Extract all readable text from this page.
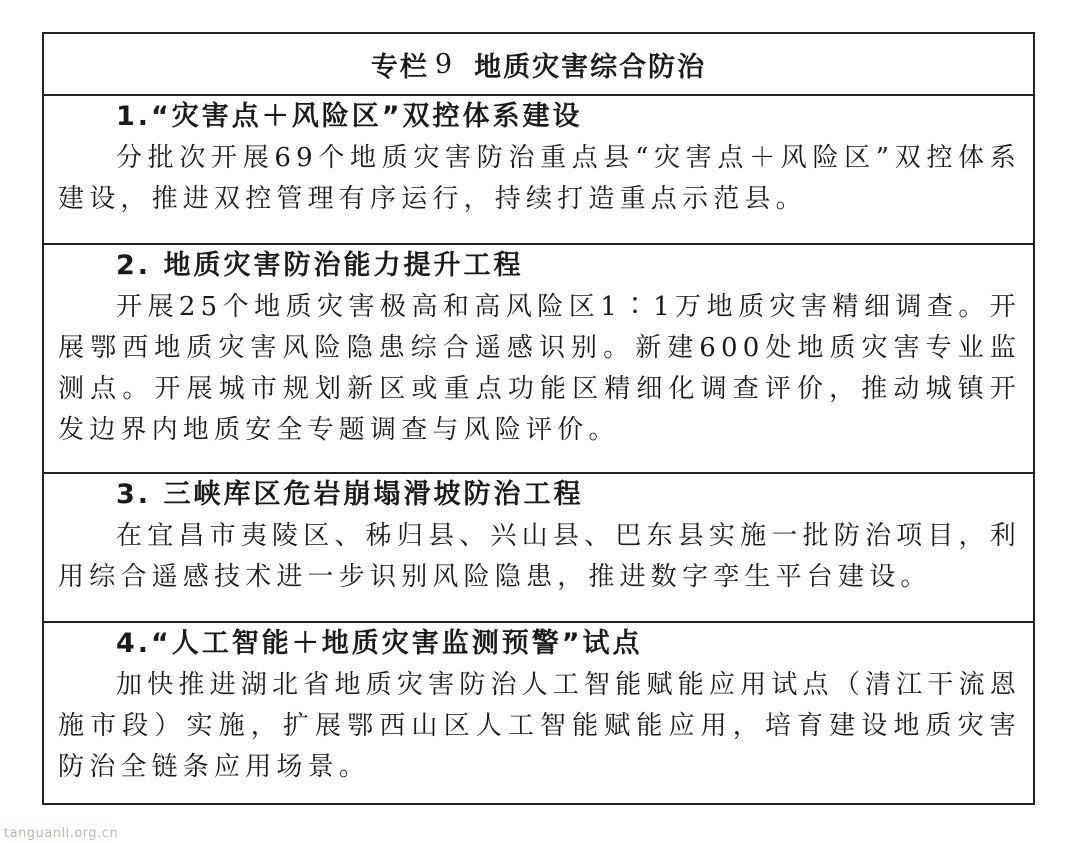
专栏 9 地质灾害综合防治
1.“灾害点＋风险区”双控体系建设

分批次开展69个地质灾害防治重点县“灾害点＋风险区”双控体系建设，推进双控管理有序运行，持续打造重点示范县。

2. 地质灾害防治能力提升工程

开展25个地质灾害极高和高风险区1∶1万地质灾害精细调查。开展鄂西地质灾害风险隐患综合遥感识别。新建600处地质灾害专业监测点。开展城市规划新区或重点功能区精细化调查评价，推动城镇开发边界内地质安全专题调查与风险评价。

3. 三峡库区危岩崩塌滑坡防治工程

在宜昌市夷陵区、秭归县、兴山县、巴东县实施一批防治项目，利用综合遥感技术进一步识别风险隐患，推进数字孪生平台建设。

4.“人工智能＋地质灾害监测预警”试点

加快推进湖北省地质灾害防治人工智能赋能应用试点（清江干流恩施市段）实施，扩展鄂西山区人工智能赋能应用，培育建设地质灾害防治全链条应用场景。

tanguanli.org.cn
